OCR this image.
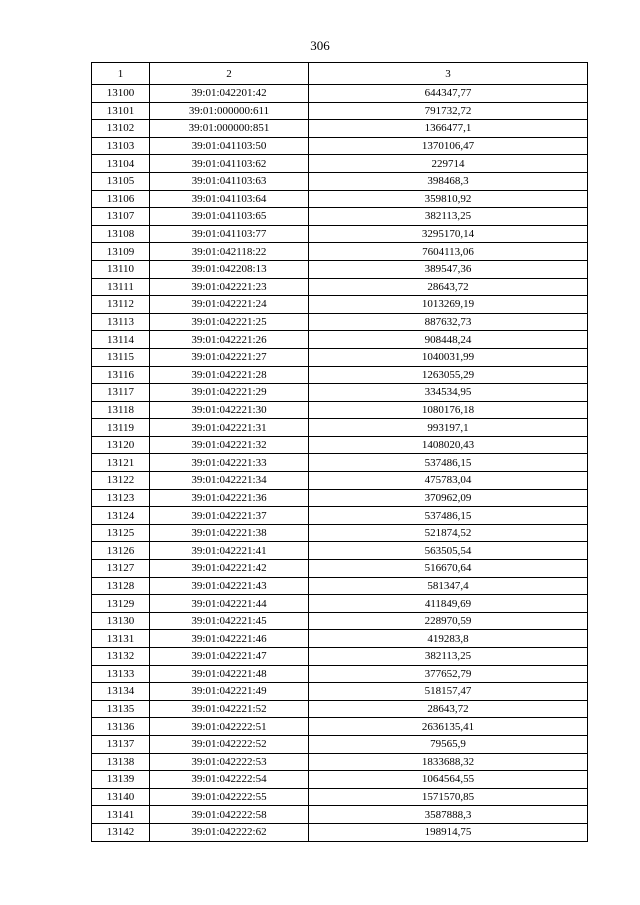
306
1	2	3
13100	39:01:042201:42	644347,77
13101	39:01:000000:611	791732,72
13102	39:01:000000:851	1366477,1
13103	39:01:041103:50	1370106,47
13104	39:01:041103:62	229714
13105	39:01:041103:63	398468,3
13106	39:01:041103:64	359810,92
13107	39:01:041103:65	382113,25
13108	39:01:041103:77	3295170,14
13109	39:01:042118:22	7604113,06
13110	39:01:042208:13	389547,36
13111	39:01:042221:23	28643,72
13112	39:01:042221:24	1013269,19
13113	39:01:042221:25	887632,73
13114	39:01:042221:26	908448,24
13115	39:01:042221:27	1040031,99
13116	39:01:042221:28	1263055,29
13117	39:01:042221:29	334534,95
13118	39:01:042221:30	1080176,18
13119	39:01:042221:31	993197,1
13120	39:01:042221:32	1408020,43
13121	39:01:042221:33	537486,15
13122	39:01:042221:34	475783,04
13123	39:01:042221:36	370962,09
13124	39:01:042221:37	537486,15
13125	39:01:042221:38	521874,52
13126	39:01:042221:41	563505,54
13127	39:01:042221:42	516670,64
13128	39:01:042221:43	581347,4
13129	39:01:042221:44	411849,69
13130	39:01:042221:45	228970,59
13131	39:01:042221:46	419283,8
13132	39:01:042221:47	382113,25
13133	39:01:042221:48	377652,79
13134	39:01:042221:49	518157,47
13135	39:01:042221:52	28643,72
13136	39:01:042222:51	2636135,41
13137	39:01:042222:52	79565,9
13138	39:01:042222:53	1833688,32
13139	39:01:042222:54	1064564,55
13140	39:01:042222:55	1571570,85
13141	39:01:042222:58	3587888,3
13142	39:01:042222:62	198914,75
